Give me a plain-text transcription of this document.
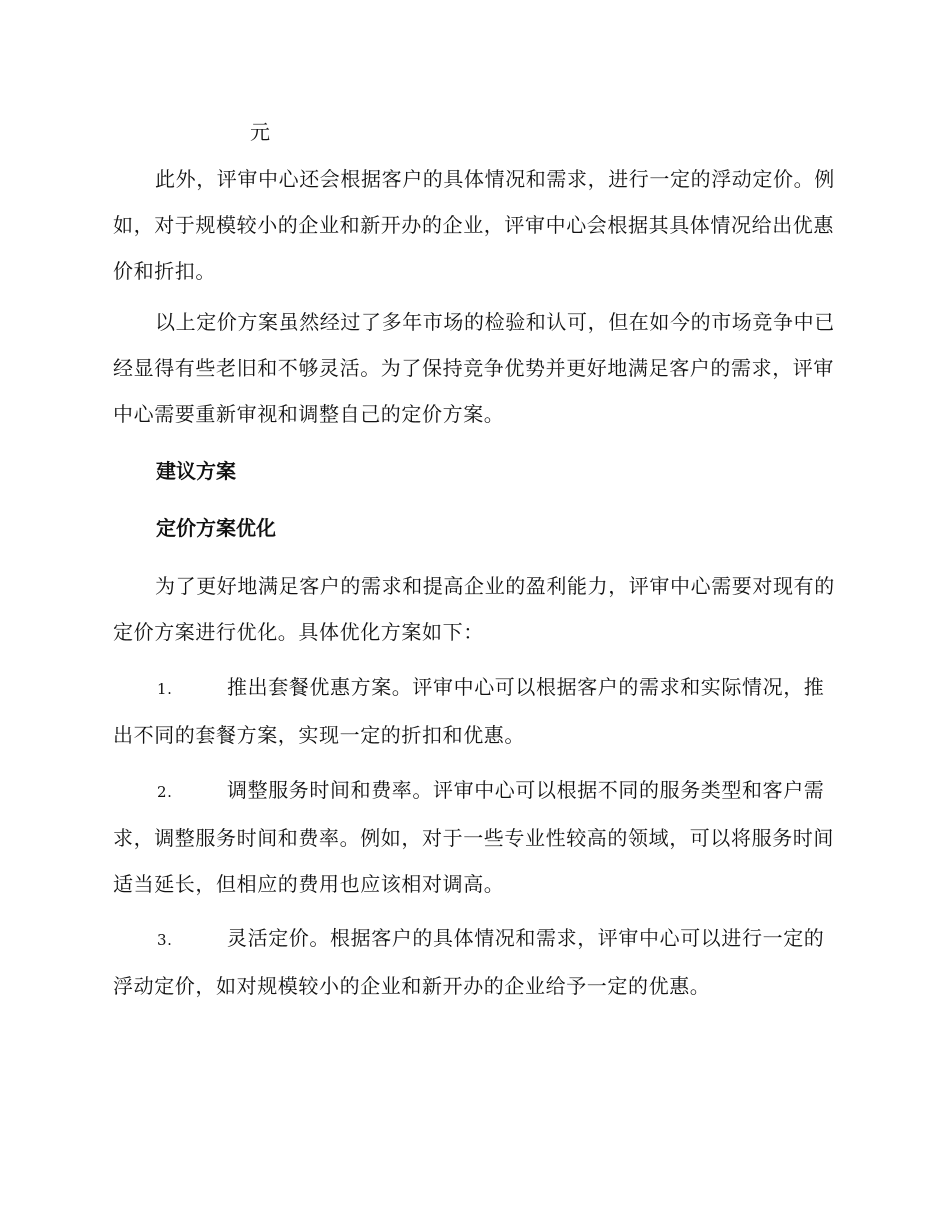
元

此外，评审中心还会根据客户的具体情况和需求，进行一定的浮动定价。例如，对于规模较小的企业和新开办的企业，评审中心会根据其具体情况给出优惠价和折扣。

以上定价方案虽然经过了多年市场的检验和认可，但在如今的市场竞争中已经显得有些老旧和不够灵活。为了保持竞争优势并更好地满足客户的需求，评审中心需要重新审视和调整自己的定价方案。

建议方案
定价方案优化

为了更好地满足客户的需求和提高企业的盈利能力，评审中心需要对现有的定价方案进行优化。具体优化方案如下：

1.	推出套餐优惠方案。评审中心可以根据客户的需求和实际情况，推出不同的套餐方案，实现一定的折扣和优惠。
2.	调整服务时间和费率。评审中心可以根据不同的服务类型和客户需求，调整服务时间和费率。例如，对于一些专业性较高的领域，可以将服务时间适当延长，但相应的费用也应该相对调高。
3.	灵活定价。根据客户的具体情况和需求，评审中心可以进行一定的浮动定价，如对规模较小的企业和新开办的企业给予一定的优惠。
